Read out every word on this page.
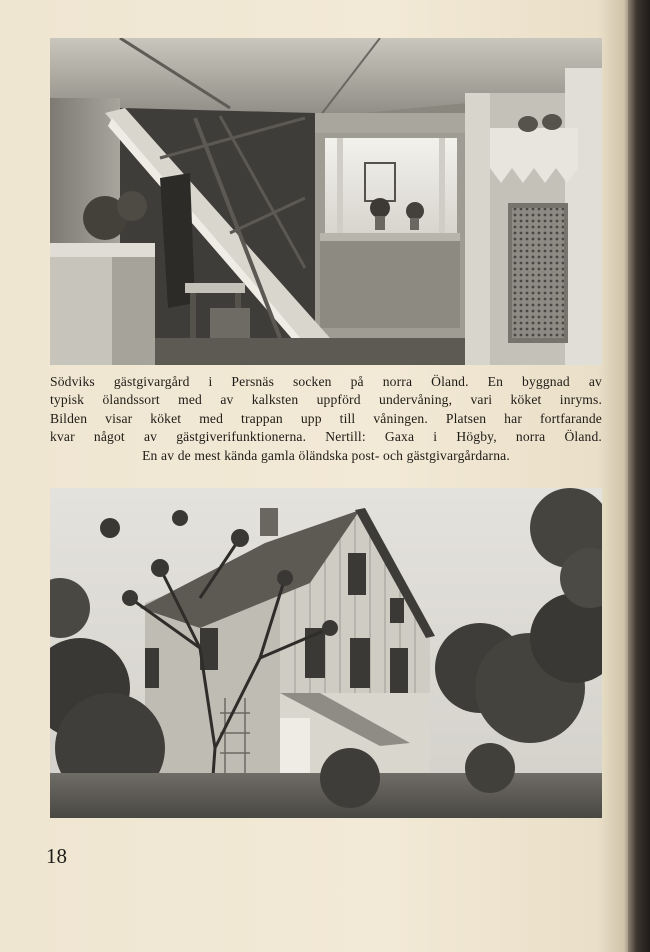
Södviks gästgivargård i Persnäs socken på norra Öland. En byggnad av
typisk ölandssort med av kalksten uppförd undervåning, vari köket inryms.
Bilden visar köket med trappan upp till våningen. Platsen har fortfarande
kvar något av gästgiverifunktionerna. Nertill: Gaxa i Högby, norra Öland.
En av de mest kända gamla öländska post- och gästgivargårdarna.
18
